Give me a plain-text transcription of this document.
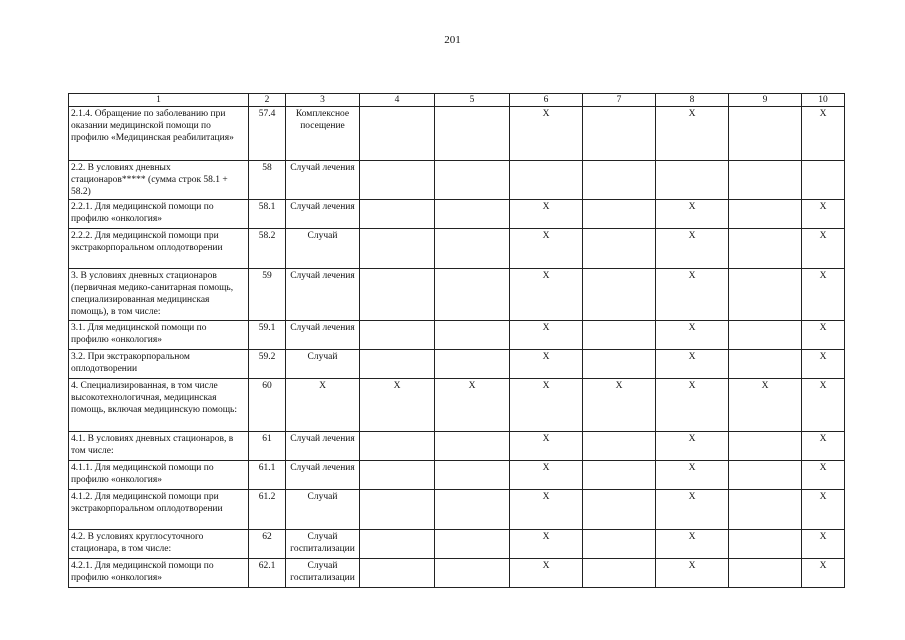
201
1	2	3	4	5	6	7	8	9	10
2.1.4. Обращение по заболеванию при оказании медицинской помощи по профилю «Медицинская реабилитация»	57.4	Комплексное посещение			X		X		X
2.2. В условиях дневных стационаров***** (сумма строк 58.1 + 58.2)	58	Случай лечения							
2.2.1. Для медицинской помощи по профилю «онкология»	58.1	Случай лечения			X		X		X
2.2.2. Для медицинской помощи при экстракорпоральном оплодотворении	58.2	Случай			X		X		X
3. В условиях дневных стационаров (первичная медико-санитарная помощь, специализированная медицинская помощь), в том числе:	59	Случай лечения			X		X		X
3.1. Для медицинской помощи по профилю «онкология»	59.1	Случай лечения			X		X		X
3.2. При экстракорпоральном оплодотворении	59.2	Случай			X		X		X
4. Специализированная, в том числе высокотехнологичная, медицинская помощь, включая медицинскую помощь:	60	X	X	X	X	X	X	X	X
4.1. В условиях дневных стационаров, в том числе:	61	Случай лечения			X		X		X
4.1.1. Для медицинской помощи по профилю «онкология»	61.1	Случай лечения			X		X		X
4.1.2. Для медицинской помощи при экстракорпоральном оплодотворении	61.2	Случай			X		X		X
4.2. В условиях круглосуточного стационара, в том числе:	62	Случай госпитализации			X		X		X
4.2.1. Для медицинской помощи по профилю «онкология»	62.1	Случай госпитализации			X		X		X
